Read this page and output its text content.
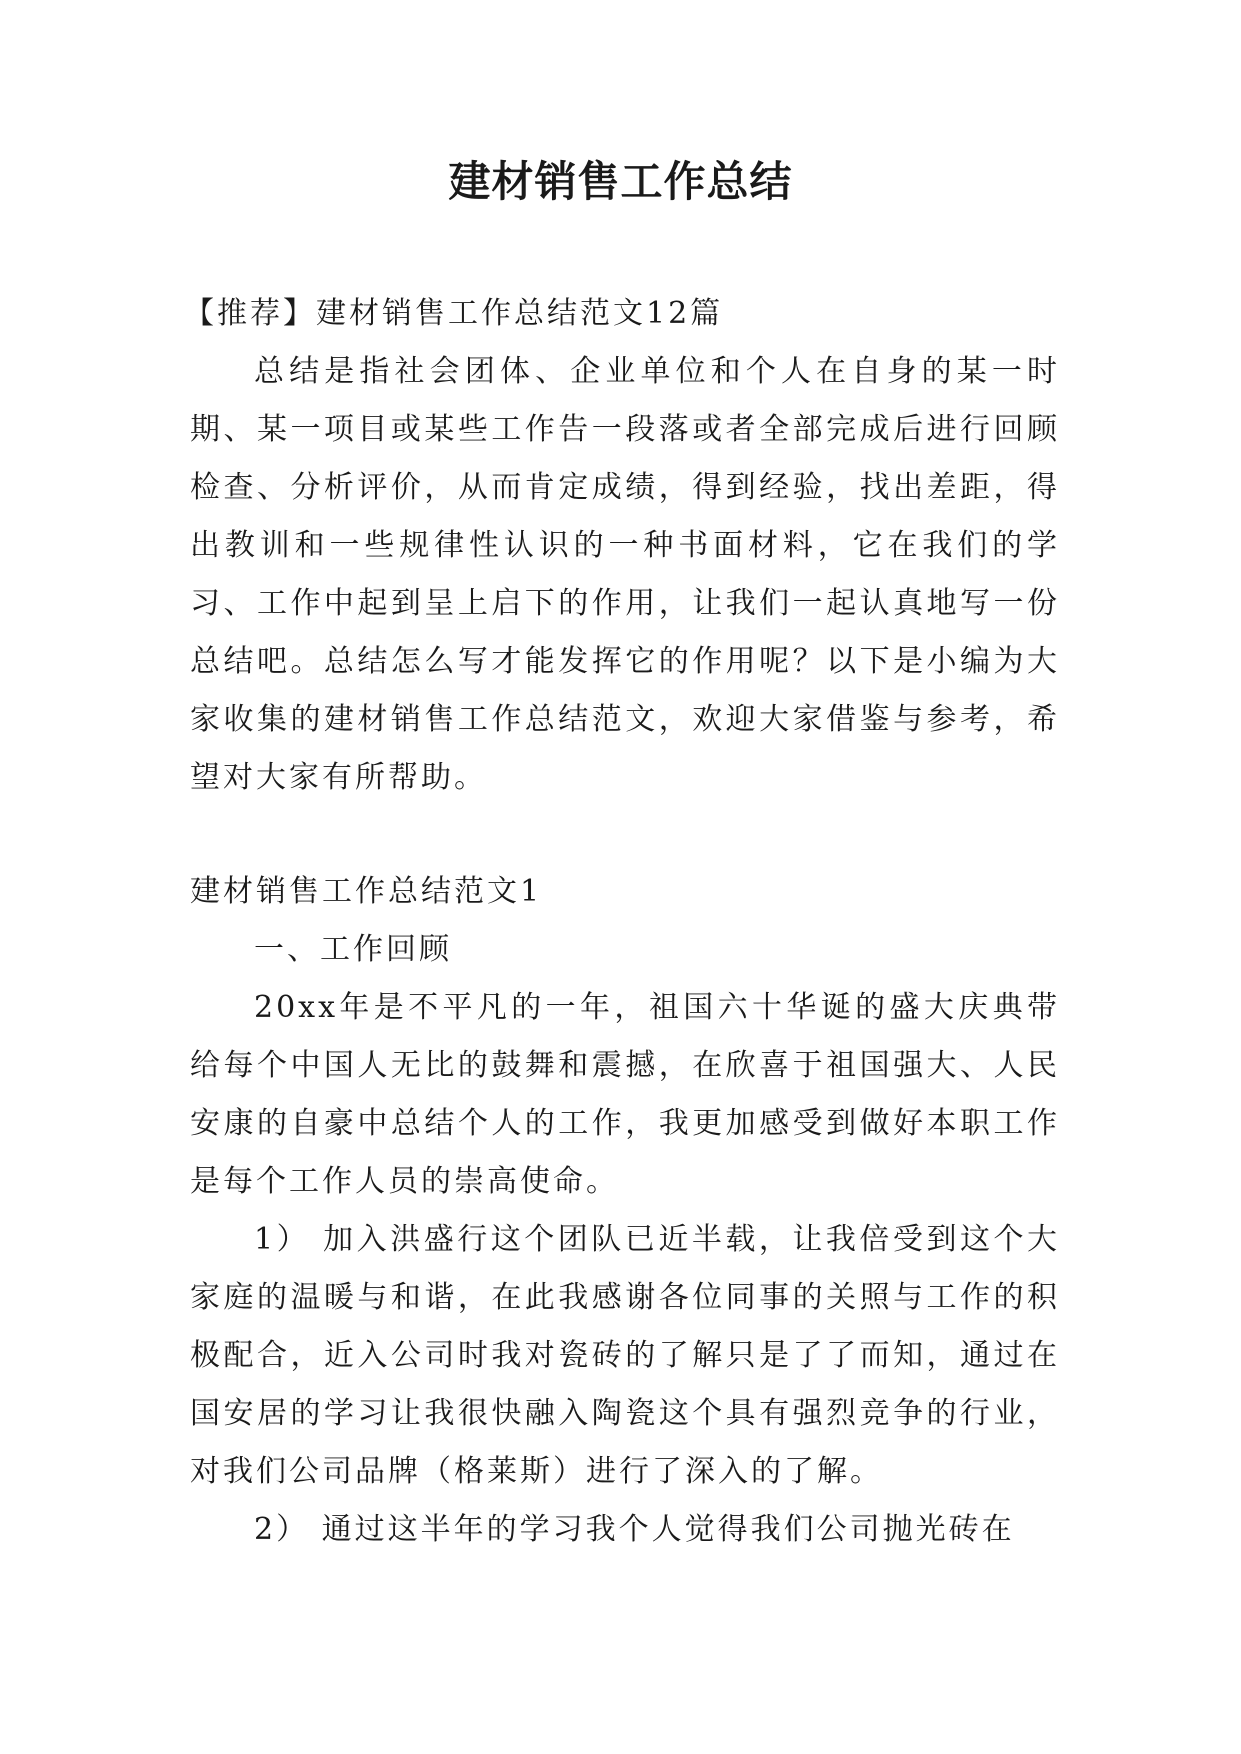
建材销售工作总结

【推荐】建材销售工作总结范文12篇

总结是指社会团体、企业单位和个人在自身的某一时期、某一项目或某些工作告一段落或者全部完成后进行回顾检查、分析评价，从而肯定成绩，得到经验，找出差距，得出教训和一些规律性认识的一种书面材料，它在我们的学习、工作中起到呈上启下的作用，让我们一起认真地写一份总结吧。总结怎么写才能发挥它的作用呢？以下是小编为大家收集的建材销售工作总结范文，欢迎大家借鉴与参考，希望对大家有所帮助。

建材销售工作总结范文1

一、工作回顾

20xx年是不平凡的一年，祖国六十华诞的盛大庆典带给每个中国人无比的鼓舞和震撼，在欣喜于祖国强大、人民安康的自豪中总结个人的工作，我更加感受到做好本职工作是每个工作人员的崇高使命。

1） 加入洪盛行这个团队已近半载，让我倍受到这个大家庭的温暖与和谐，在此我感谢各位同事的关照与工作的积极配合，近入公司时我对瓷砖的了解只是了了而知，通过在国安居的学习让我很快融入陶瓷这个具有强烈竞争的行业，对我们公司品牌（格莱斯）进行了深入的了解。

2） 通过这半年的学习我个人觉得我们公司抛光砖在
